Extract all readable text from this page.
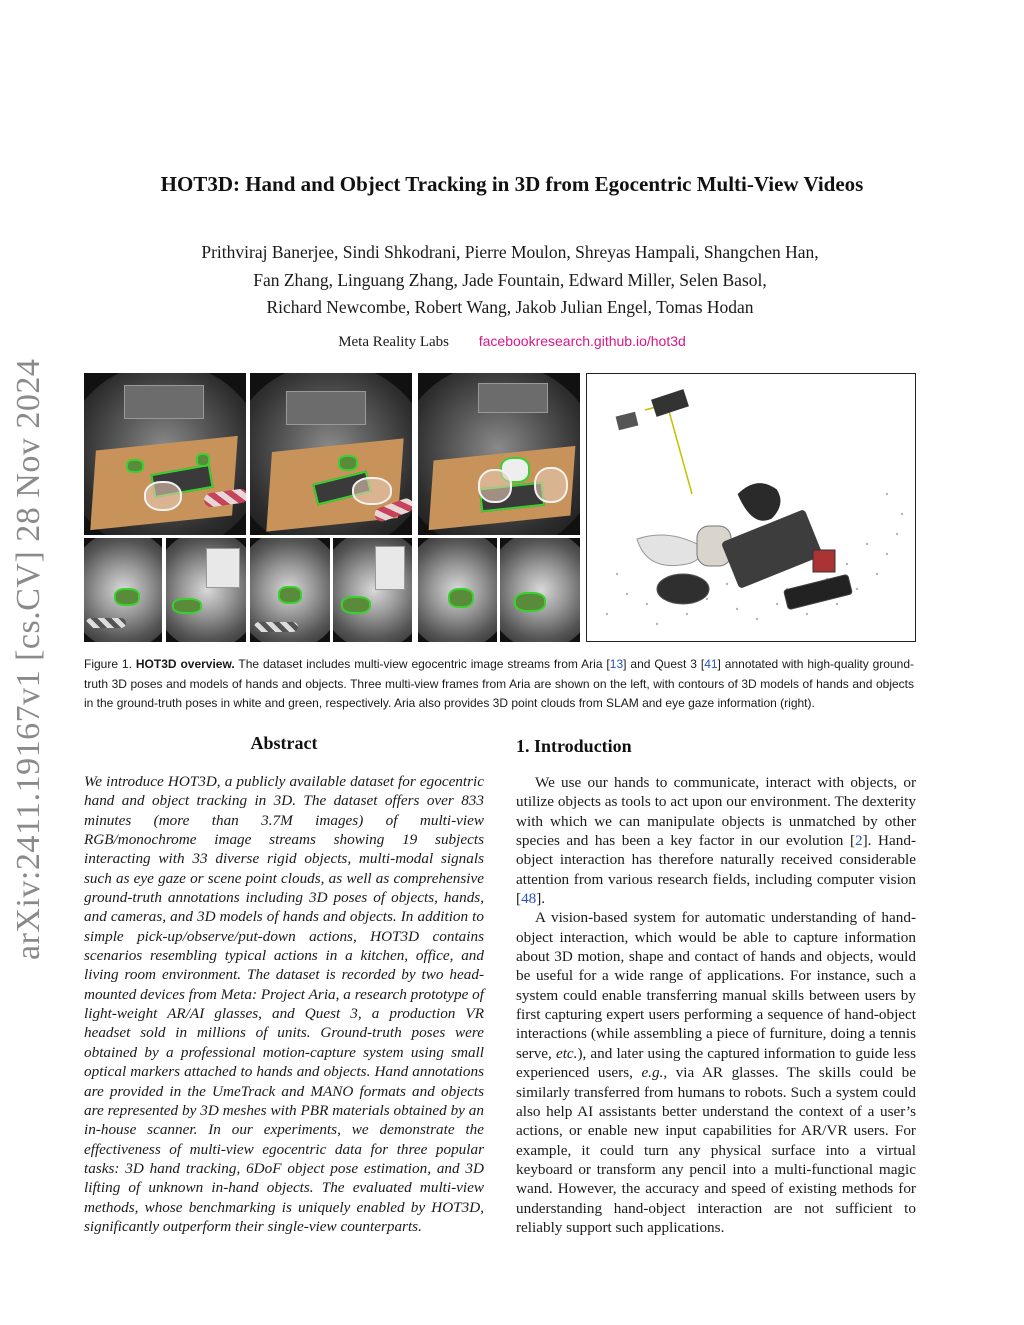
arXiv:2411.19167v1 [cs.CV] 28 Nov 2024
HOT3D: Hand and Object Tracking in 3D from Egocentric Multi-View Videos
Prithviraj Banerjee, Sindi Shkodrani, Pierre Moulon, Shreyas Hampali, Shangchen Han,
Fan Zhang, Linguang Zhang, Jade Fountain, Edward Miller, Selen Basol,
Richard Newcombe, Robert Wang, Jakob Julian Engel, Tomas Hodan
Meta Reality Labs facebookresearch.github.io/hot3d

Figure 1. HOT3D overview. The dataset includes multi-view egocentric image streams from Aria [13] and Quest 3 [41] annotated with high-quality ground-truth 3D poses and models of hands and objects. Three multi-view frames from Aria are shown on the left, with contours of 3D models of hands and objects in the ground-truth poses in white and green, respectively. Aria also provides 3D point clouds from SLAM and eye gaze information (right).

Abstract

We introduce HOT3D, a publicly available dataset for egocentric hand and object tracking in 3D. The dataset offers over 833 minutes (more than 3.7M images) of multi-view RGB/monochrome image streams showing 19 subjects interacting with 33 diverse rigid objects, multi-modal signals such as eye gaze or scene point clouds, as well as comprehensive ground-truth annotations including 3D poses of objects, hands, and cameras, and 3D models of hands and objects. In addition to simple pick-up/observe/put-down actions, HOT3D contains scenarios resembling typical actions in a kitchen, office, and living room environment. The dataset is recorded by two head-mounted devices from Meta: Project Aria, a research prototype of light-weight AR/AI glasses, and Quest 3, a production VR headset sold in millions of units. Ground-truth poses were obtained by a professional motion-capture system using small optical markers attached to hands and objects. Hand annotations are provided in the UmeTrack and MANO formats and objects are represented by 3D meshes with PBR materials obtained by an in-house scanner. In our experiments, we demonstrate the effectiveness of multi-view egocentric data for three popular tasks: 3D hand tracking, 6DoF object pose estimation, and 3D lifting of unknown in-hand objects. The evaluated multi-view methods, whose benchmarking is uniquely enabled by HOT3D, significantly outperform their single-view counterparts.

1. Introduction

We use our hands to communicate, interact with objects, or utilize objects as tools to act upon our environment. The dexterity with which we can manipulate objects is unmatched by other species and has been a key factor in our evolution [2]. Hand-object interaction has therefore naturally received considerable attention from various research fields, including computer vision [48].

A vision-based system for automatic understanding of hand-object interaction, which would be able to capture information about 3D motion, shape and contact of hands and objects, would be useful for a wide range of applications. For instance, such a system could enable transferring manual skills between users by first capturing expert users performing a sequence of hand-object interactions (while assembling a piece of furniture, doing a tennis serve, etc.), and later using the captured information to guide less experienced users, e.g., via AR glasses. The skills could be similarly transferred from humans to robots. Such a system could also help AI assistants better understand the context of a user’s actions, or enable new input capabilities for AR/VR users. For example, it could turn any physical surface into a virtual keyboard or transform any pencil into a multi-functional magic wand. However, the accuracy and speed of existing methods for understanding hand-object interaction are not sufficient to reliably support such applications.
